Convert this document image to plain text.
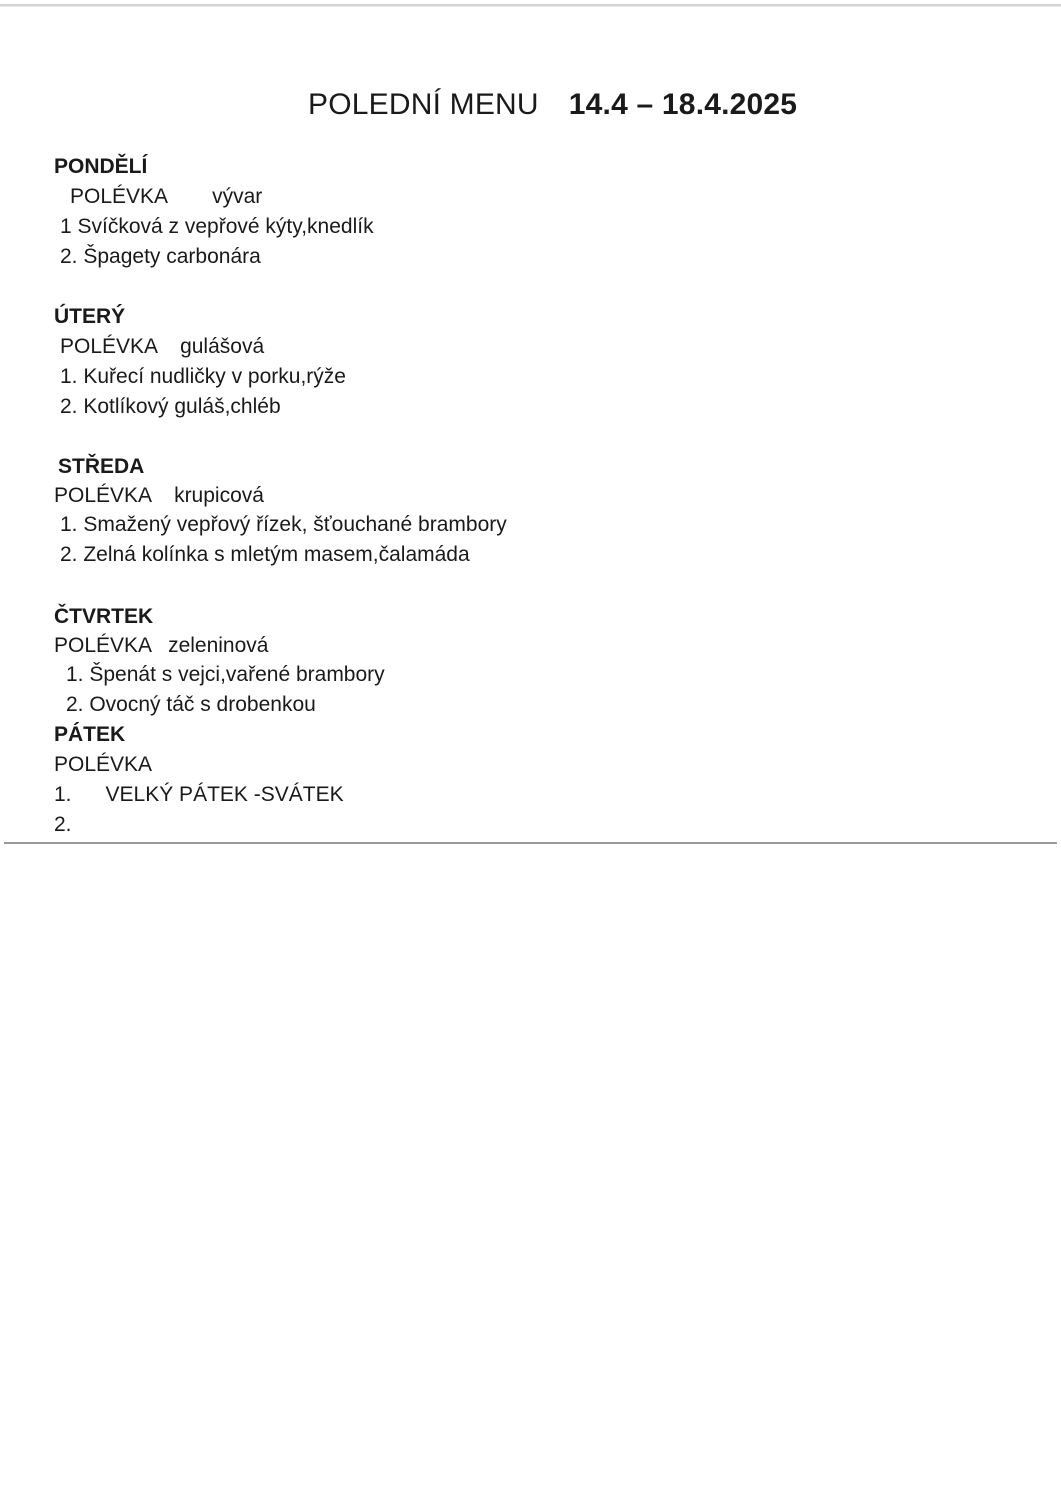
POLEDNÍ MENU 14.4 – 18.4.2025
PONDĚLÍ
POLÉVKA vývar
1 Svíčková z vepřové kýty,knedlík
2. Špagety carbonára
ÚTERÝ
POLÉVKA gulášová
1. Kuřecí nudličky v porku,rýže
2. Kotlíkový guláš,chléb
STŘEDA
POLÉVKA krupicová
1. Smažený vepřový řízek, šťouchané brambory
2. Zelná kolínka s mletým masem,čalamáda
ČTVRTEK
POLÉVKA zeleninová
1. Špenát s vejci,vařené brambory
2. Ovocný táč s drobenkou
PÁTEK
POLÉVKA
1. VELKÝ PÁTEK -SVÁTEK
2.
